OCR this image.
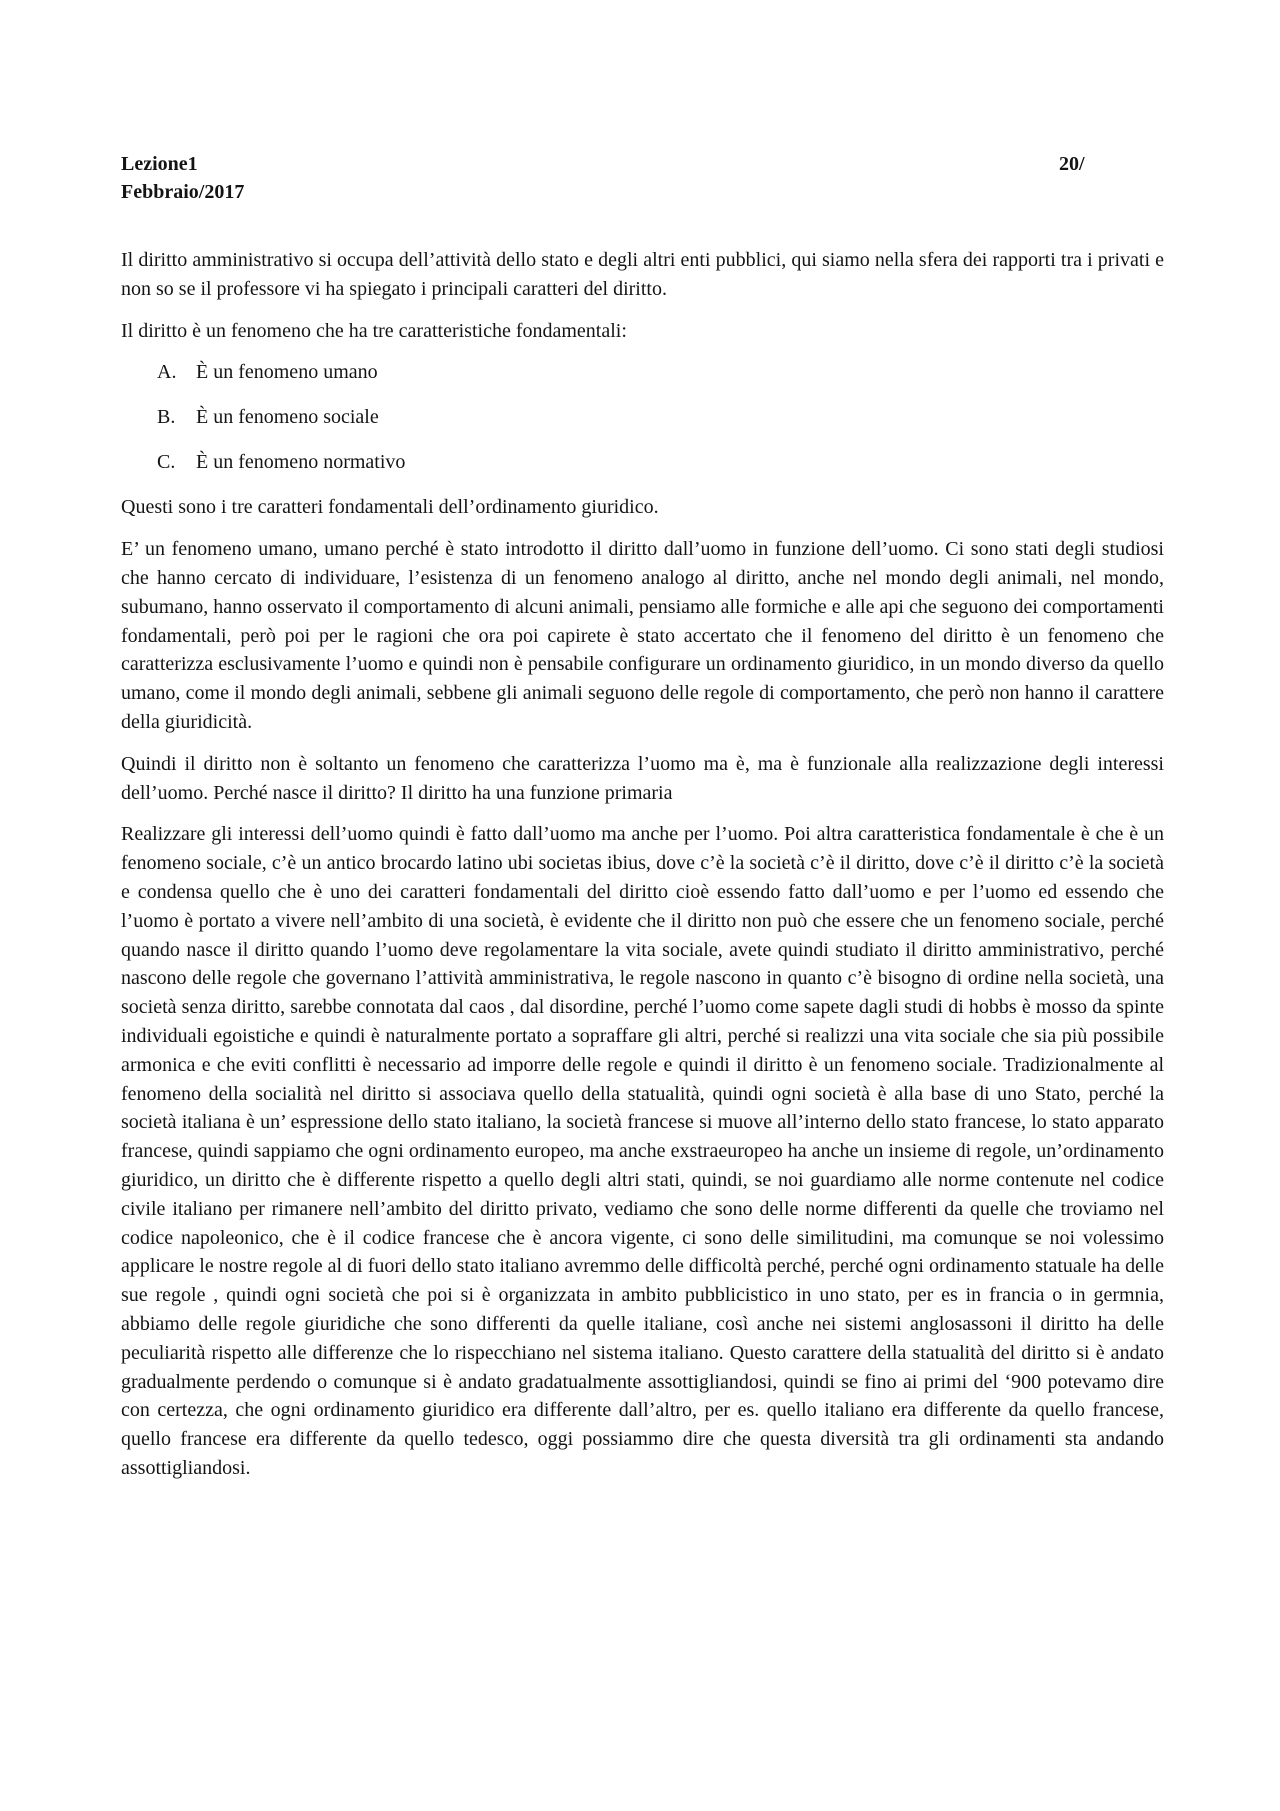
Lezione1
Febbraio/2017
20/

Il diritto amministrativo si occupa dell’attività dello stato e degli altri enti pubblici, qui siamo nella sfera dei rapporti tra i privati e non so se il professore vi ha spiegato i principali caratteri del diritto.

Il diritto è un fenomeno che ha tre caratteristiche fondamentali:

A. È un fenomeno umano
B.	È un fenomeno sociale
C.	È un fenomeno normativo

Questi sono i tre caratteri fondamentali dell’ordinamento giuridico.

E’ un fenomeno umano, umano perché è stato introdotto il diritto dall’uomo in funzione dell’uomo. Ci sono stati degli studiosi che hanno cercato di individuare, l’esistenza di un fenomeno analogo al diritto, anche nel mondo degli animali, nel mondo, subumano, hanno osservato il comportamento di alcuni animali, pensiamo alle formiche e alle api che seguono dei comportamenti fondamentali, però poi per le ragioni che ora poi capirete è stato accertato che il fenomeno del diritto è un fenomeno che caratterizza esclusivamente l’uomo e quindi non è pensabile configurare un ordinamento giuridico, in un mondo diverso da quello umano, come il mondo degli animali, sebbene gli animali seguono delle regole di comportamento, che però non hanno il carattere della giuridicità.

Quindi il diritto non è soltanto un fenomeno che caratterizza l’uomo ma è, ma è funzionale alla realizzazione degli interessi dell’uomo. Perché nasce il diritto? Il diritto ha una funzione primaria

Realizzare gli interessi dell’uomo quindi è fatto dall’uomo ma anche per l’uomo. Poi altra caratteristica fondamentale è che è un fenomeno sociale, c’è un antico brocardo latino ubi societas ibius, dove c’è la società c’è il diritto, dove c’è il diritto c’è la società e condensa quello che è uno dei caratteri fondamentali del diritto cioè essendo fatto dall’uomo e per l’uomo ed essendo che l’uomo è portato a vivere nell’ambito di una società, è evidente che il diritto non può che essere che un fenomeno sociale, perché quando nasce il diritto quando l’uomo deve regolamentare la vita sociale, avete quindi studiato il diritto amministrativo, perché nascono delle regole che governano l’attività amministrativa, le regole nascono in quanto c’è bisogno di ordine nella società, una società senza diritto, sarebbe connotata dal caos , dal disordine, perché l’uomo come sapete dagli studi di hobbs è mosso da spinte individuali egoistiche e quindi è naturalmente portato a sopraffare gli altri, perché si realizzi una vita sociale che sia più possibile armonica e che eviti conflitti è necessario ad imporre delle regole e quindi il diritto è un fenomeno sociale. Tradizionalmente al fenomeno della socialità nel diritto si associava quello della statualità, quindi ogni società è alla base di uno Stato, perché la società italiana è un’ espressione dello stato italiano, la società francese si muove all’interno dello stato francese, lo stato apparato francese, quindi sappiamo che ogni ordinamento europeo, ma anche exstraeuropeo ha anche un insieme di regole, un’ordinamento giuridico, un diritto che è differente rispetto a quello degli altri stati, quindi, se noi guardiamo alle norme contenute nel codice civile italiano per rimanere nell’ambito del diritto privato, vediamo che sono delle norme differenti da quelle che troviamo nel codice napoleonico, che è il codice francese che è ancora vigente, ci sono delle similitudini, ma comunque se noi volessimo applicare le nostre regole al di fuori dello stato italiano avremmo delle difficoltà perché, perché ogni ordinamento statuale ha delle sue regole , quindi ogni società che poi si è organizzata in ambito pubblicistico in uno stato, per es in francia o in germnia, abbiamo delle regole giuridiche che sono differenti da quelle italiane, così anche nei sistemi anglosassoni il diritto ha delle peculiarità rispetto alle differenze che lo rispecchiano nel sistema italiano. Questo carattere della statualità del diritto si è andato gradualmente perdendo o comunque si è andato gradatualmente assottigliandosi, quindi se fino ai primi del ‘900 potevamo dire con certezza, che ogni ordinamento giuridico era differente dall’altro, per es. quello italiano era differente da quello francese, quello francese era differente da quello tedesco, oggi possiammo dire che questa diversità tra gli ordinamenti sta andando assottigliandosi.
